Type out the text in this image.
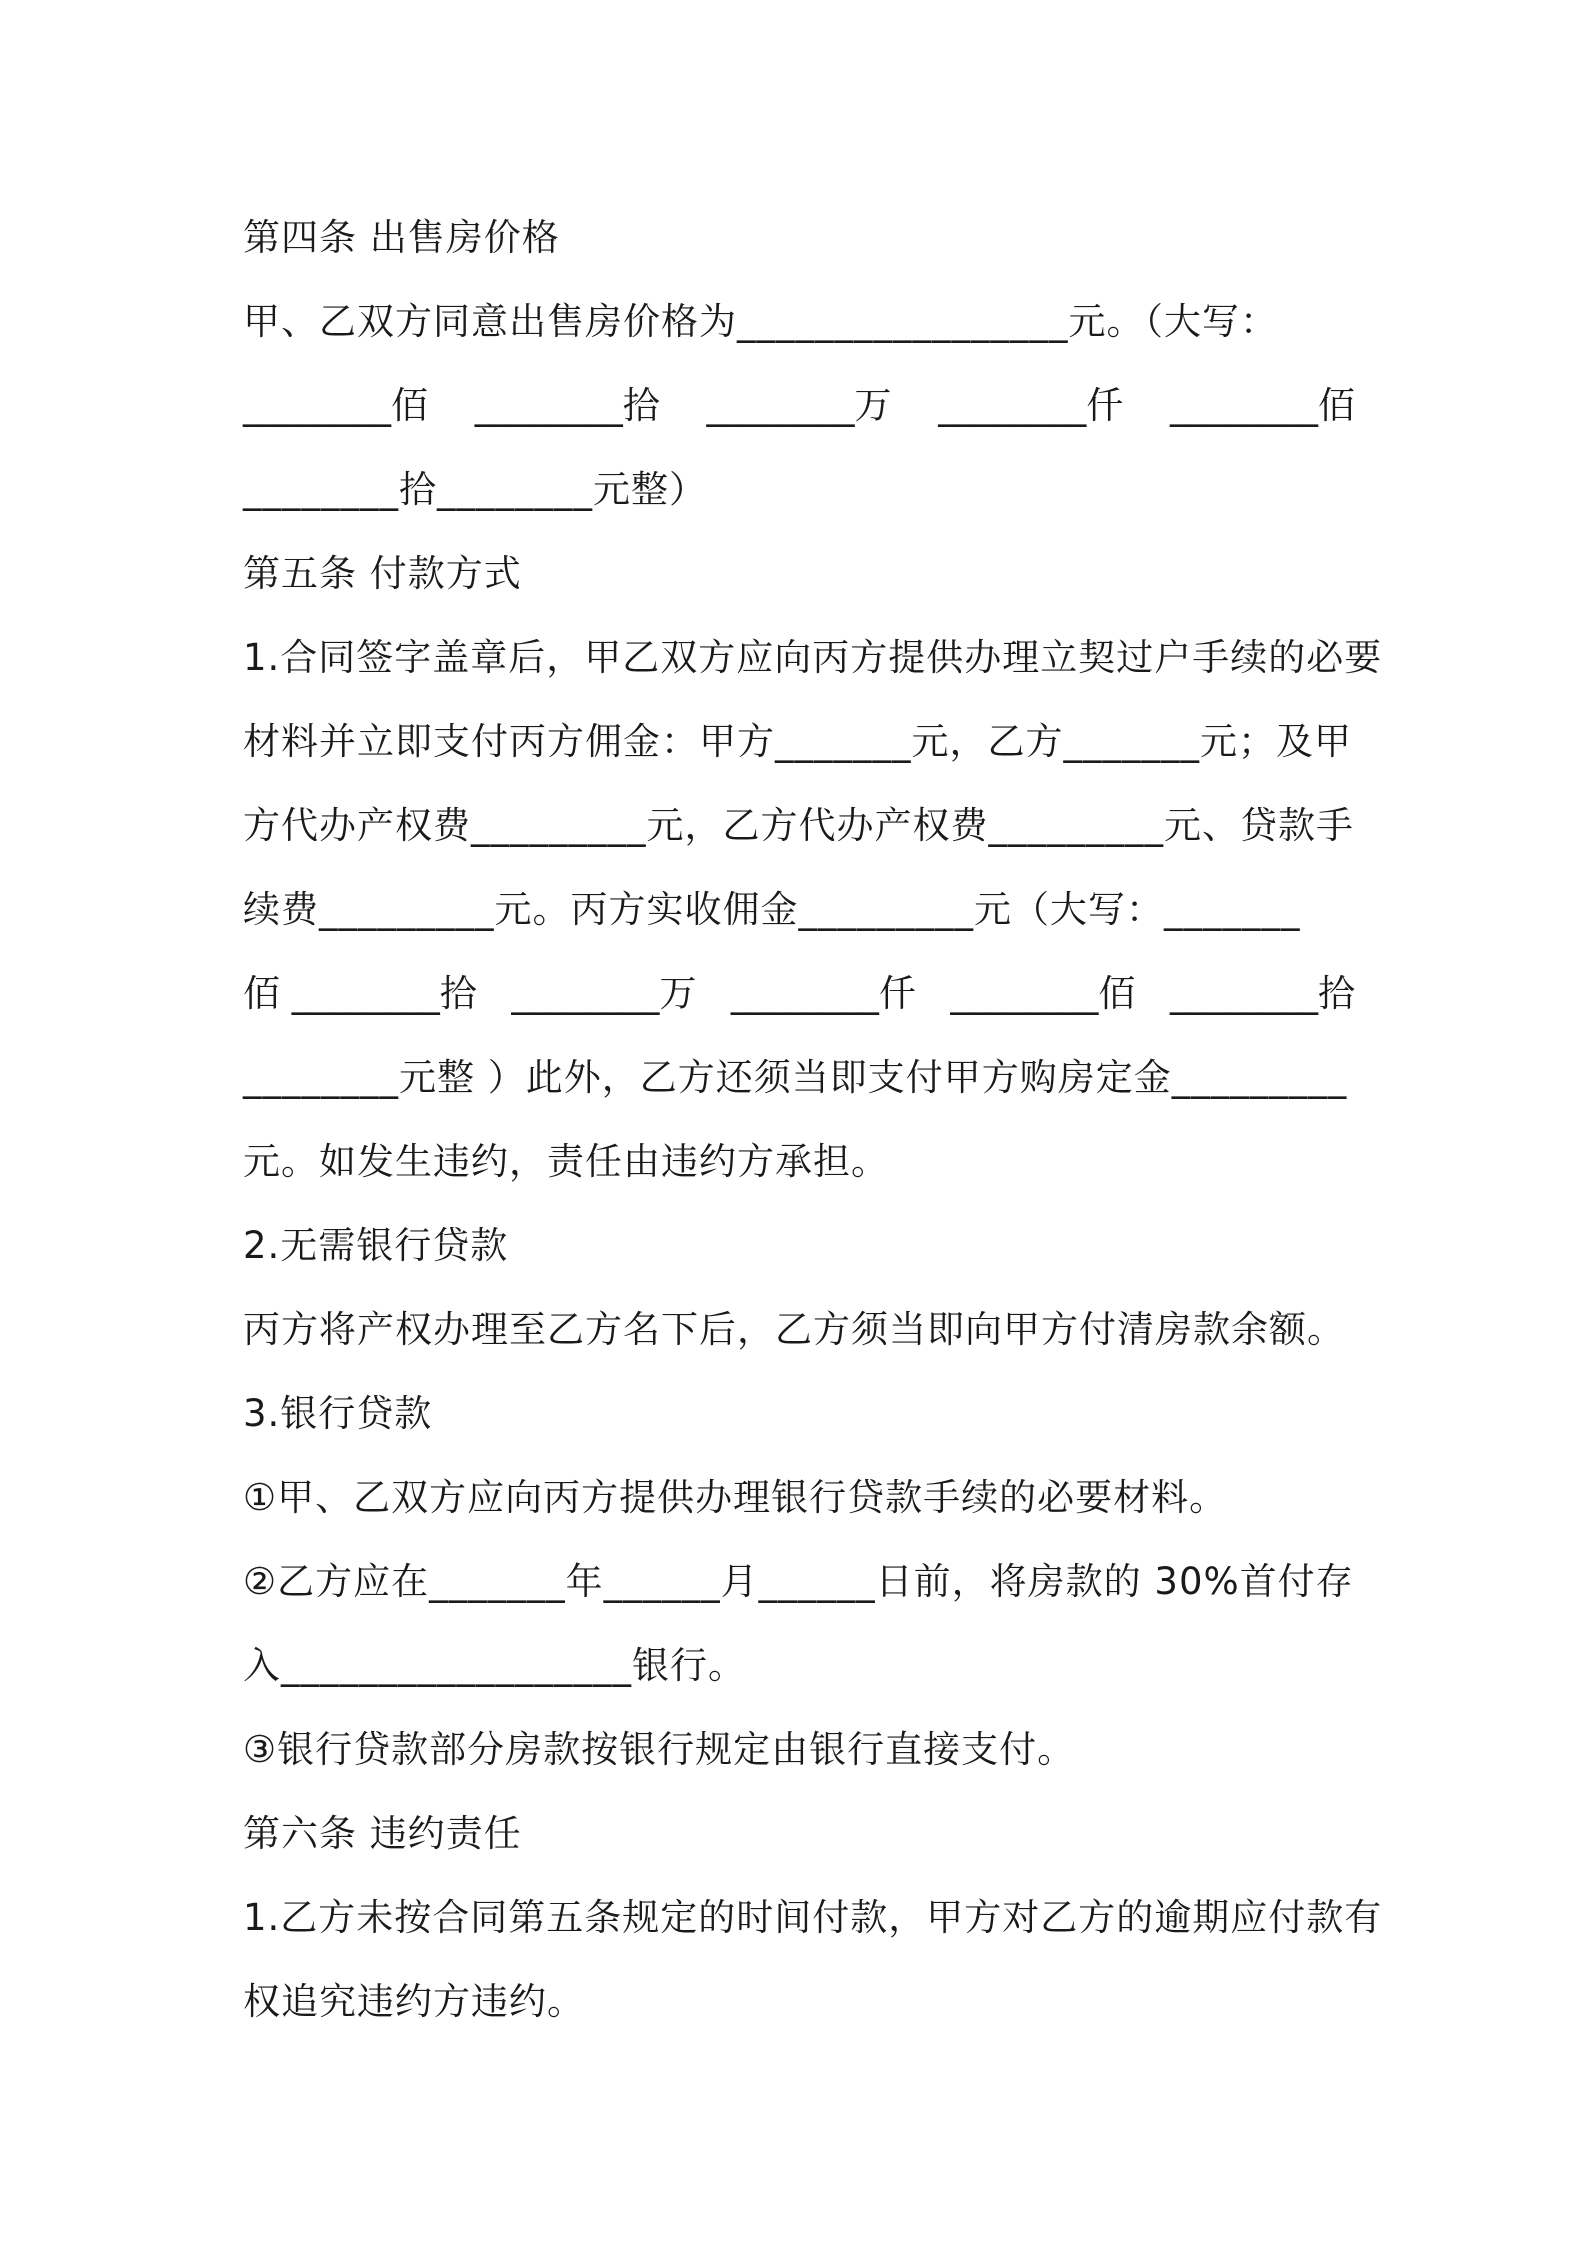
第四条 出售房价格
甲、乙双方同意出售房价格为_________________元。（大写：
________佰 ________拾 ________万 ________仟 ________佰
________拾________元整）
第五条 付款方式
1.合同签字盖章后，甲乙双方应向丙方提供办理立契过户手续的必要
材料并立即支付丙方佣金：甲方_______元，乙方_______元；及甲
方代办产权费_________元，乙方代办产权费_________元、贷款手
续费_________元。丙方实收佣金_________元（大写：_______
佰 ________拾 ________万 ________仟 ________佰 ________拾
________元整 ）此外，乙方还须当即支付甲方购房定金_________
元。如发生违约，责任由违约方承担。
2.无需银行贷款
丙方将产权办理至乙方名下后，乙方须当即向甲方付清房款余额。
3.银行贷款
①甲、乙双方应向丙方提供办理银行贷款手续的必要材料。
②乙方应在_______年______月______日前，将房款的 30%首付存
入__________________银行。
③银行贷款部分房款按银行规定由银行直接支付。
第六条 违约责任
1.乙方未按合同第五条规定的时间付款，甲方对乙方的逾期应付款有
权追究违约方违约。
